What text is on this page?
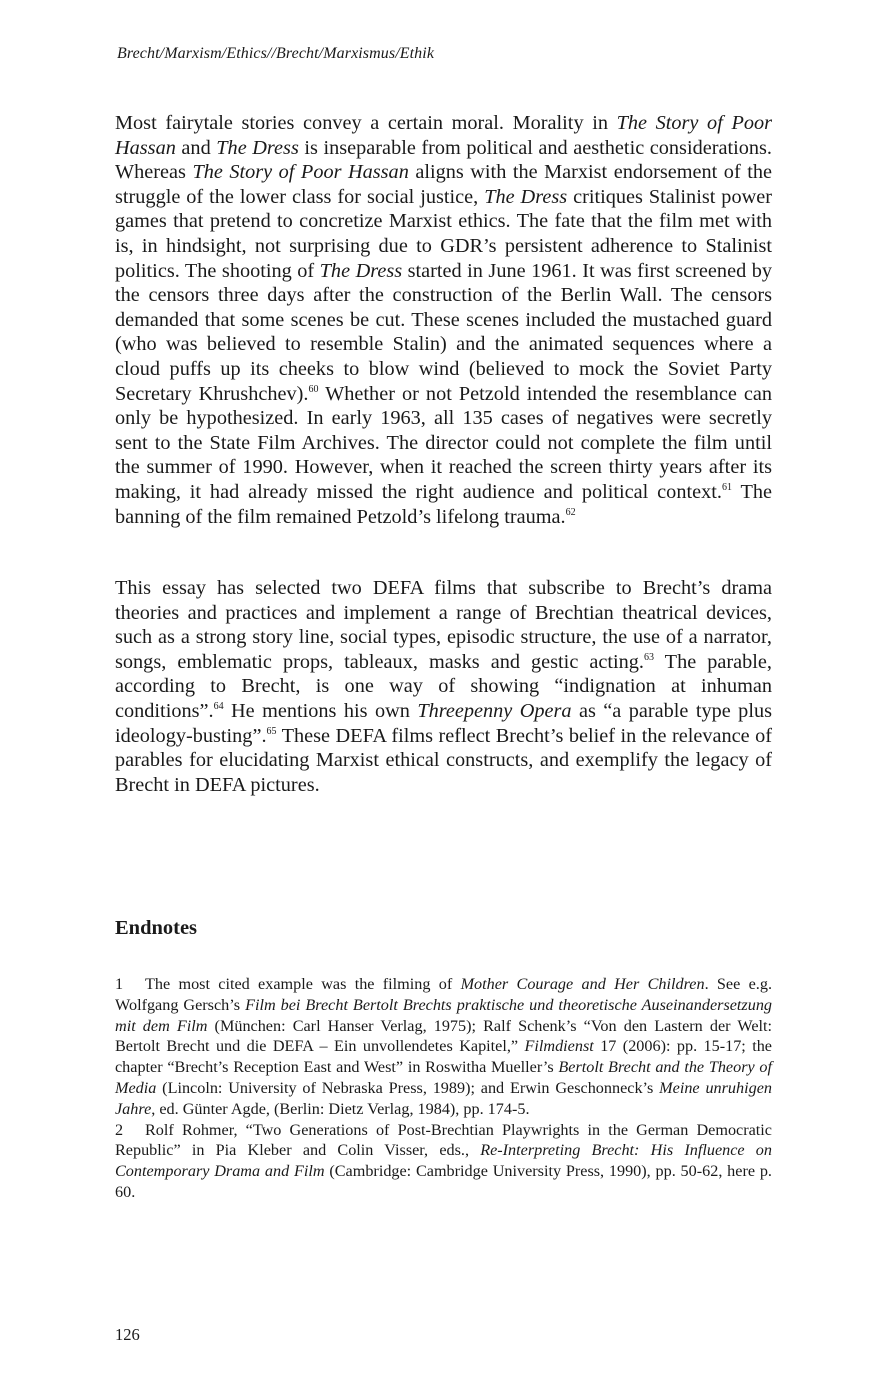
Brecht/Marxism/Ethics//Brecht/Marxismus/Ethik
Most fairytale stories convey a certain moral. Morality in The Story of Poor Hassan and The Dress is inseparable from political and aesthetic considerations. Whereas The Story of Poor Hassan aligns with the Marxist endorsement of the struggle of the lower class for social justice, The Dress critiques Stalinist power games that pretend to concretize Marxist ethics. The fate that the film met with is, in hindsight, not surprising due to GDR’s persistent adherence to Stalinist politics. The shooting of The Dress started in June 1961. It was first screened by the censors three days after the construction of the Berlin Wall. The censors demanded that some scenes be cut. These scenes included the mustached guard (who was believed to resemble Stalin) and the animated sequences where a cloud puffs up its cheeks to blow wind (believed to mock the Soviet Party Secretary Khrushchev).$^{60}$ Whether or not Petzold intended the resemblance can only be hypothesized. In early 1963, all 135 cases of negatives were secretly sent to the State Film Archives. The director could not complete the film until the summer of 1990. However, when it reached the screen thirty years after its making, it had already missed the right audience and political context.$^{61}$ The banning of the film remained Petzold’s lifelong trauma.$^{62}$
This essay has selected two DEFA films that subscribe to Brecht’s drama theories and practices and implement a range of Brechtian theatrical devices, such as a strong story line, social types, episodic structure, the use of a narrator, songs, emblematic props, tableaux, masks and gestic acting.$^{63}$ The parable, according to Brecht, is one way of showing “indignation at inhuman conditions”.$^{64}$ He mentions his own Threepenny Opera as “a parable type plus ideology-busting”.$^{65}$ These DEFA films reflect Brecht’s belief in the relevance of parables for elucidating Marxist ethical constructs, and exemplify the legacy of Brecht in DEFA pictures.
Endnotes

1 The most cited example was the filming of Mother Courage and Her Children. See e.g. Wolfgang Gersch’s Film bei Brecht Bertolt Brechts praktische und theoretische Auseinandersetzung mit dem Film (München: Carl Hanser Verlag, 1975); Ralf Schenk’s “Von den Lastern der Welt: Bertolt Brecht und die DEFA – Ein unvollendetes Kapitel,” Filmdienst 17 (2006): pp. 15-17; the chapter “Brecht’s Reception East and West” in Roswitha Mueller’s Bertolt Brecht and the Theory of Media (Lincoln: University of Nebraska Press, 1989); and Erwin Geschonneck’s Meine unruhigen Jahre, ed. Günter Agde, (Berlin: Dietz Verlag, 1984), pp. 174-5.

2 Rolf Rohmer, “Two Generations of Post-Brechtian Playwrights in the German Democratic Republic” in Pia Kleber and Colin Visser, eds., Re-Interpreting Brecht: His Influence on Contemporary Drama and Film (Cambridge: Cambridge University Press, 1990), pp. 50-62, here p. 60.

126
